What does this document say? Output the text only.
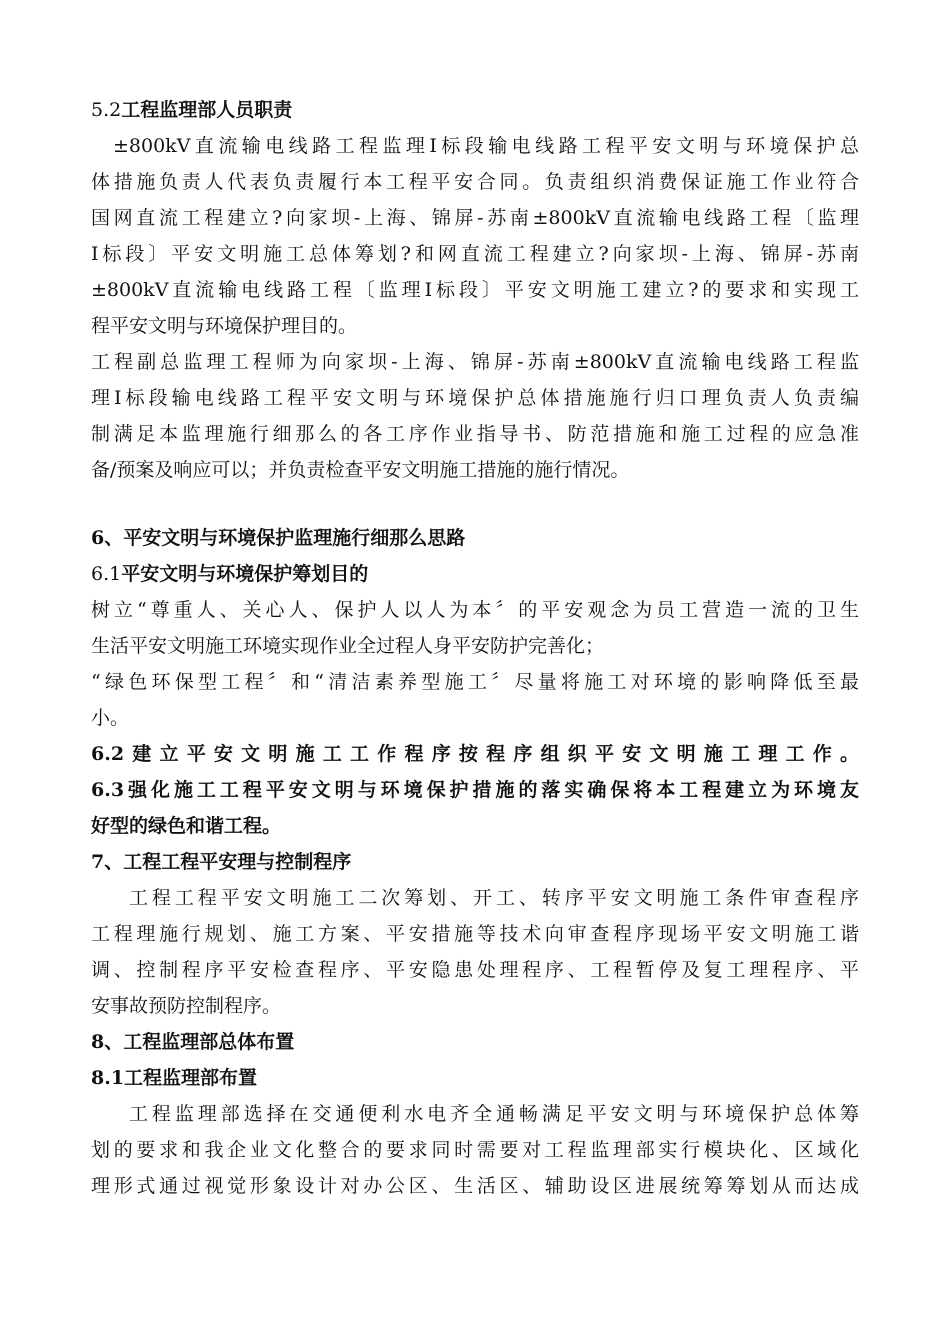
5.2工程监理部人员职责
±800kV直流输电线路工程监理Ⅰ标段输电线路工程平安文明与环境保护总
体措施负责人代表负责履行本工程平安合同。负责组织消费保证施工作业符合
国网直流工程建立?向家坝-上海、锦屏-苏南±800kV直流输电线路工程〔监理
Ⅰ标段〕平安文明施工总体筹划?和网直流工程建立?向家坝-上海、锦屏-苏南
±800kV直流输电线路工程〔监理Ⅰ标段〕平安文明施工建立?的要求和实现工
程平安文明与环境保护理目的。
工程副总监理工程师为向家坝-上海、锦屏-苏南±800kV直流输电线路工程监
理Ⅰ标段输电线路工程平安文明与环境保护总体措施施行归口理负责人负责编
制满足本监理施行细那么的各工序作业指导书、防范措施和施工过程的应急准
备/预案及响应可以；并负责检查平安文明施工措施的施行情况。
6、平安文明与环境保护监理施行细那么思路
6.1平安文明与环境保护筹划目的
树立“尊重人、关心人、保护人以人为本〞的平安观念为员工营造一流的卫生
生活平安文明施工环境实现作业全过程人身平安防护完善化；
“绿色环保型工程〞和“清洁素养型施工〞尽量将施工对环境的影响降低至最
小。
6.2建立平安文明施工工作程序按程序组织平安文明施工理工作。
6.3强化施工工程平安文明与环境保护措施的落实确保将本工程建立为环境友
好型的绿色和谐工程。
7、工程工程平安理与控制程序
工程工程平安文明施工二次筹划、开工、转序平安文明施工条件审查程序
工程理施行规划、施工方案、平安措施等技术向审查程序现场平安文明施工谐
调、控制程序平安检查程序、平安隐患处理程序、工程暂停及复工理程序、平
安事故预防控制程序。
8、工程监理部总体布置
8.1工程监理部布置
工程监理部选择在交通便利水电齐全通畅满足平安文明与环境保护总体筹
划的要求和我企业文化整合的要求同时需要对工程监理部实行模块化、区域化
理形式通过视觉形象设计对办公区、生活区、辅助设区进展统筹筹划从而达成
